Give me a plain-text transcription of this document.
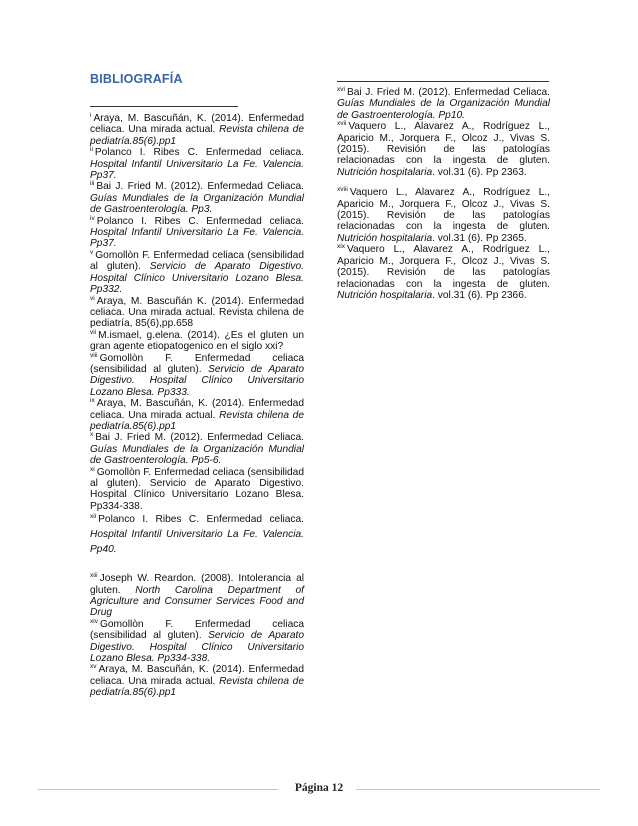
BIBLIOGRAFÍA

$^i$ Araya, M. Bascuñán, K. (2014). Enfermedad celiaca. Una mirada actual. Revista chilena de pediatría.85(6).pp1

$^{ii}$ Polanco I. Ribes C. Enfermedad celiaca. Hospital Infantil Universitario La Fe. Valencia. Pp37.

$^{iii}$ Bai J. Fried M. (2012). Enfermedad Celiaca. Guías Mundiales de la Organización Mundial de Gastroenterología. Pp3.

$^{iv}$ Polanco I. Ribes C. Enfermedad celiaca. Hospital Infantil Universitario La Fe. Valencia. Pp37.

$^v$ Gomollòn F. Enfermedad celiaca (sensibilidad al gluten). Servicio de Aparato Digestivo. Hospital Clínico Universitario Lozano Blesa. Pp332.

$^{vi}$ Araya, M. Bascuñán K. (2014). Enfermedad celiaca. Una mirada actual. Revista chilena de pediatría, 85(6),pp.658

$^{vii}$ M.ismael, g.elena. (2014). ¿Es el gluten un gran agente etiopatogenico en el siglo xxi?

$^{viii}$ Gomollòn F. Enfermedad celiaca (sensibilidad al gluten). Servicio de Aparato Digestivo. Hospital Clínico Universitario Lozano Blesa. Pp333.

$^{ix}$ Araya, M. Bascuñán, K. (2014). Enfermedad celiaca. Una mirada actual. Revista chilena de pediatría.85(6).pp1

$^x$ Bai J. Fried M. (2012). Enfermedad Celiaca. Guías Mundiales de la Organización Mundial de Gastroenterología. Pp5-6.

$^{xi}$ Gomollòn F. Enfermedad celiaca (sensibilidad al gluten). Servicio de Aparato Digestivo. Hospital Clínico Universitario Lozano Blesa. Pp334-338.

$^{xii}$ Polanco I. Ribes C. Enfermedad celiaca. Hospital Infantil Universitario La Fe. Valencia. Pp40.

$^{xiii}$ Joseph W. Reardon. (2008). Intolerancia al gluten. North Carolina Department of Agriculture and Consumer Services Food and Drug

$^{xiv}$ Gomollòn F. Enfermedad celiaca (sensibilidad al gluten). Servicio de Aparato Digestivo. Hospital Clínico Universitario Lozano Blesa. Pp334-338.

$^{xv}$ Araya, M. Bascuñán, K. (2014). Enfermedad celiaca. Una mirada actual. Revista chilena de pediatría.85(6).pp1

$^{xvi}$ Bai J. Fried M. (2012). Enfermedad Celiaca. Guías Mundiales de la Organización Mundial de Gastroenterología. Pp10.

$^{xvii}$ Vaquero L., Alavarez A., Rodríguez L., Aparicio M., Jorquera F., Olcoz J., Vivas S. (2015). Revisión de las patologías relacionadas con la ingesta de gluten. Nutrición hospitalaria. vol.31 (6). Pp 2363.

$^{xviii}$ Vaquero L., Alavarez A., Rodríguez L., Aparicio M., Jorquera F., Olcoz J., Vivas S. (2015). Revisión de las patologías relacionadas con la ingesta de gluten. Nutrición hospitalaria. vol.31 (6). Pp 2365.

$^{xix}$ Vaquero L., Alavarez A., Rodríguez L., Aparicio M., Jorquera F., Olcoz J., Vivas S. (2015). Revisión de las patologías relacionadas con la ingesta de gluten. Nutrición hospitalaria. vol.31 (6). Pp 2366.

Página 12
